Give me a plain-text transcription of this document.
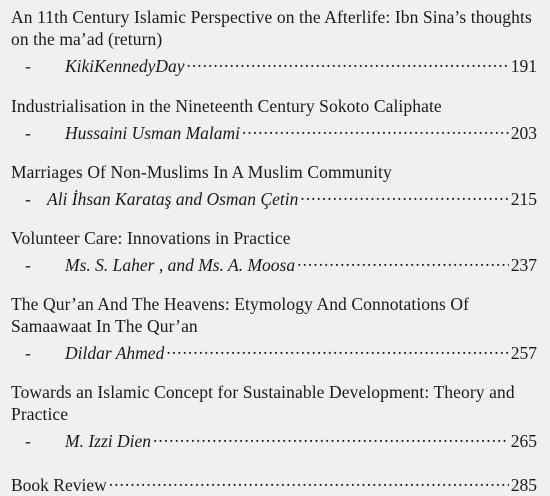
An 11th Century Islamic Perspective on the Afterlife: Ibn Sina’s thoughts on the ma’ad (return)

-	KikiKennedyDay .....	191

Industrialisation in the Nineteenth Century Sokoto Caliphate

-	Hussaini Usman Malami .....	203

Marriages Of Non-Muslims In A Muslim Community

- Ali İhsan Karataş and Osman Çetin .....	215

Volunteer Care: Innovations in Practice

-	Ms. S. Laher , and Ms. A. Moosa .....	237

The Qur’an And The Heavens: Etymology And Connotations Of Samaawaat In The Qur’an

-	Dildar Ahmed .....	257

Towards an Islamic Concept for Sustainable Development: Theory and Practice

-	M. Izzi Dien .....	265
Book Review .....	285
